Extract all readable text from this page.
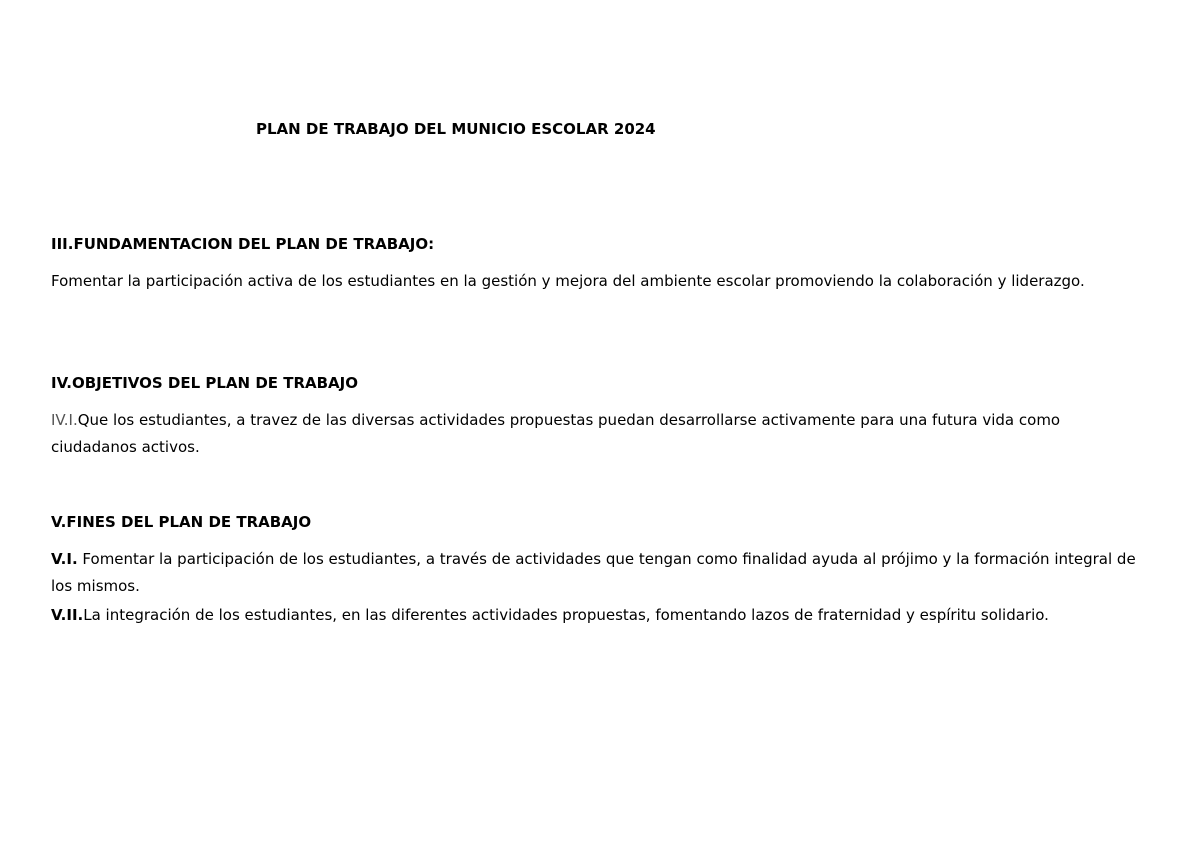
PLAN DE TRABAJO DEL MUNICIO ESCOLAR 2024

III.FUNDAMENTACION DEL PLAN DE TRABAJO:

Fomentar la participación activa de los estudiantes en la gestión y mejora del ambiente escolar promoviendo la colaboración y liderazgo.

IV.OBJETIVOS DEL PLAN DE TRABAJO

IV.I.Que los estudiantes, a travez de las diversas actividades propuestas puedan desarrollarse activamente para una futura vida como ciudadanos activos.

V.FINES DEL PLAN DE TRABAJO

V.I. Fomentar la participación de los estudiantes, a través de actividades que tengan como finalidad ayuda al prójimo y la formación integral de los mismos.

V.II.La integración de los estudiantes, en las diferentes actividades propuestas, fomentando lazos de fraternidad y espíritu solidario.
